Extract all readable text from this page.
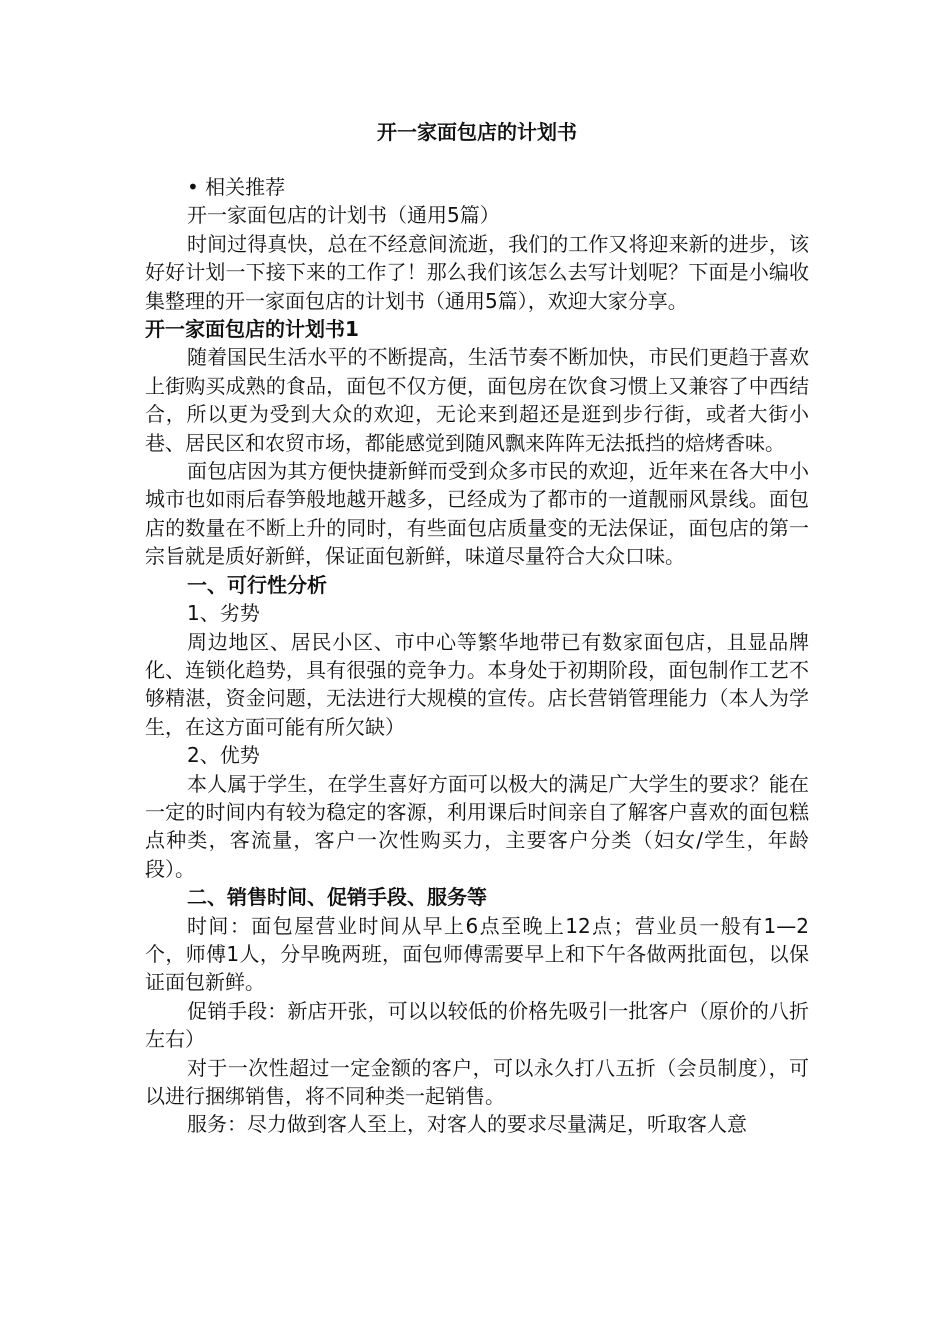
开一家面包店的计划书

• 相关推荐

开一家面包店的计划书（通用5篇）

时间过得真快，总在不经意间流逝，我们的工作又将迎来新的进步，该好好计划一下接下来的工作了！那么我们该怎么去写计划呢？下面是小编收集整理的开一家面包店的计划书（通用5篇），欢迎大家分享。

开一家面包店的计划书1

随着国民生活水平的不断提高，生活节奏不断加快，市民们更趋于喜欢上街购买成熟的食品，面包不仅方便，面包房在饮食习惯上又兼容了中西结合，所以更为受到大众的欢迎，无论来到超还是逛到步行街，或者大街小巷、居民区和农贸市场，都能感觉到随风飘来阵阵无法抵挡的焙烤香味。

面包店因为其方便快捷新鲜而受到众多市民的欢迎，近年来在各大中小城市也如雨后春笋般地越开越多，已经成为了都市的一道靓丽风景线。面包店的数量在不断上升的同时，有些面包店质量变的无法保证，面包店的第一宗旨就是质好新鲜，保证面包新鲜，味道尽量符合大众口味。

一、可行性分析

1、劣势

周边地区、居民小区、市中心等繁华地带已有数家面包店，且显品牌化、连锁化趋势，具有很强的竞争力。本身处于初期阶段，面包制作工艺不够精湛，资金问题，无法进行大规模的宣传。店长营销管理能力（本人为学生，在这方面可能有所欠缺）

2、优势

本人属于学生，在学生喜好方面可以极大的满足广大学生的要求？能在一定的时间内有较为稳定的客源，利用课后时间亲自了解客户喜欢的面包糕点种类，客流量，客户一次性购买力，主要客户分类（妇女/学生，年龄段）。

二、销售时间、促销手段、服务等

时间：面包屋营业时间从早上6点至晚上12点；营业员一般有1—2个，师傅1人，分早晚两班，面包师傅需要早上和下午各做两批面包，以保证面包新鲜。

促销手段：新店开张，可以以较低的价格先吸引一批客户（原价的八折左右）

对于一次性超过一定金额的客户，可以永久打八五折（会员制度），可以进行捆绑销售，将不同种类一起销售。

服务：尽力做到客人至上，对客人的要求尽量满足，听取客人意
